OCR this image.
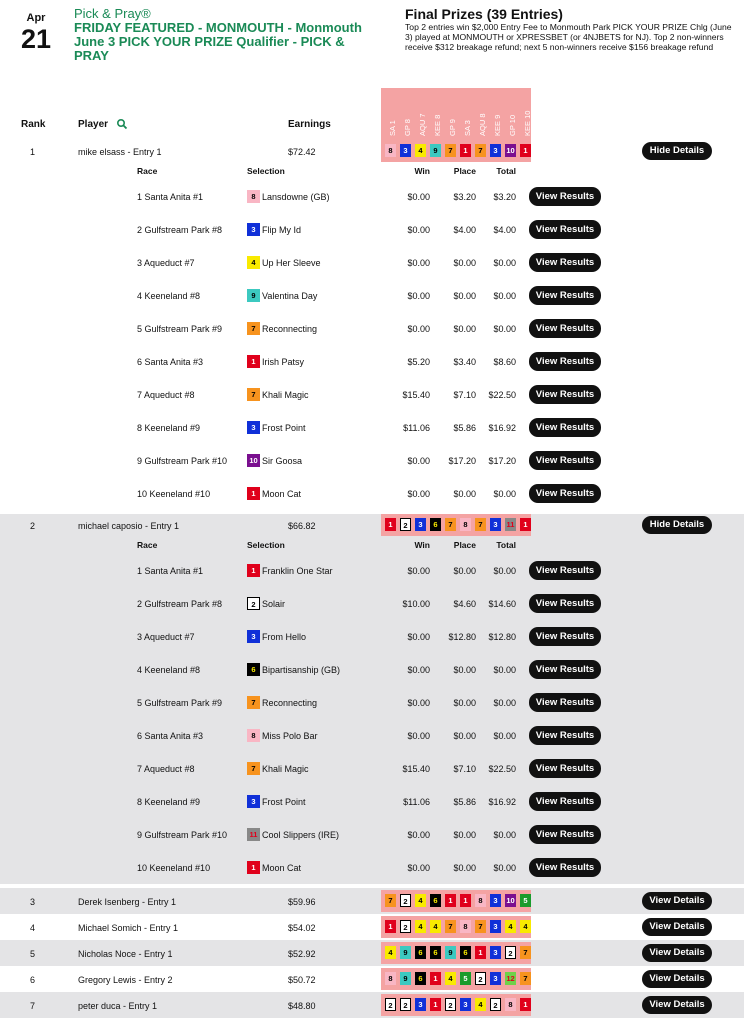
Apr
21
Pick & Pray®
FRIDAY FEATURED - MONMOUTH - Monmouth June 3 PICK YOUR PRIZE Qualifier - PICK & PRAY
Final Prizes (39 Entries)
Top 2 entries win $2,000 Entry Fee to Monmouth Park PICK YOUR PRIZE Chlg (June 3) played at MONMOUTH or XPRESSBET (or 4NJBETS for NJ). Top 2 non-winners receive $312 breakage refund; next 5 non-winners receive $156 breakage refund
Rank	Player	Earnings	SA 1 GP 8 AQU 7 KEE 8 GP 9 SA 3 AQU 8 KEE 9 GP 10 KEE 10
1	mike elsass - Entry 1	$72.42	8	3	4	9	7	1	7	3	10	1	Hide Details
Race	Selection	Win	Place	Total
1 Santa Anita #1	8 Lansdowne (GB)	$0.00	$3.20	$3.20	View Results
2 Gulfstream Park #8	3 Flip My Id	$0.00	$4.00	$4.00	View Results
3 Aqueduct #7	4 Up Her Sleeve	$0.00	$0.00	$0.00	View Results
4 Keeneland #8	9 Valentina Day	$0.00	$0.00	$0.00	View Results
5 Gulfstream Park #9	7 Reconnecting	$0.00	$0.00	$0.00	View Results
6 Santa Anita #3	1 Irish Patsy	$5.20	$3.40	$8.60	View Results
7 Aqueduct #8	7 Khali Magic	$15.40	$7.10	$22.50	View Results
8 Keeneland #9	3 Frost Point	$11.06	$5.86	$16.92	View Results
9 Gulfstream Park #10	10 Sir Goosa	$0.00	$17.20	$17.20	View Results
10 Keeneland #10	1 Moon Cat	$0.00	$0.00	$0.00	View Results
2	michael caposio - Entry 1	$66.82	1	2	3	6	7	8	7	3	11	1	Hide Details
Race	Selection	Win	Place	Total
1 Santa Anita #1	1 Franklin One Star	$0.00	$0.00	$0.00	View Results
2 Gulfstream Park #8	2 Solair	$10.00	$4.60	$14.60	View Results
3 Aqueduct #7	3 From Hello	$0.00	$12.80	$12.80	View Results
4 Keeneland #8	6 Bipartisanship (GB)	$0.00	$0.00	$0.00	View Results
5 Gulfstream Park #9	7 Reconnecting	$0.00	$0.00	$0.00	View Results
6 Santa Anita #3	8 Miss Polo Bar	$0.00	$0.00	$0.00	View Results
7 Aqueduct #8	7 Khali Magic	$15.40	$7.10	$22.50	View Results
8 Keeneland #9	3 Frost Point	$11.06	$5.86	$16.92	View Results
9 Gulfstream Park #10	11 Cool Slippers (IRE)	$0.00	$0.00	$0.00	View Results
10 Keeneland #10	1 Moon Cat	$0.00	$0.00	$0.00	View Results
3	Derek Isenberg - Entry 1	$59.96	7	2	4	6	1	1	8	3	10	5	View Details
4	Michael Somich - Entry 1	$54.02	1	2	4	4	7	8	7	3	4	4	View Details
5	Nicholas Noce - Entry 1	$52.92	4	9	6	6	9	6	1	3	2	7	View Details
6	Gregory Lewis - Entry 2	$50.72	8	9	6	1	4	5	2	3	12	7	View Details
7	peter duca - Entry 1	$48.80	2	2	3	1	2	3	4	2	8	1	View Details
